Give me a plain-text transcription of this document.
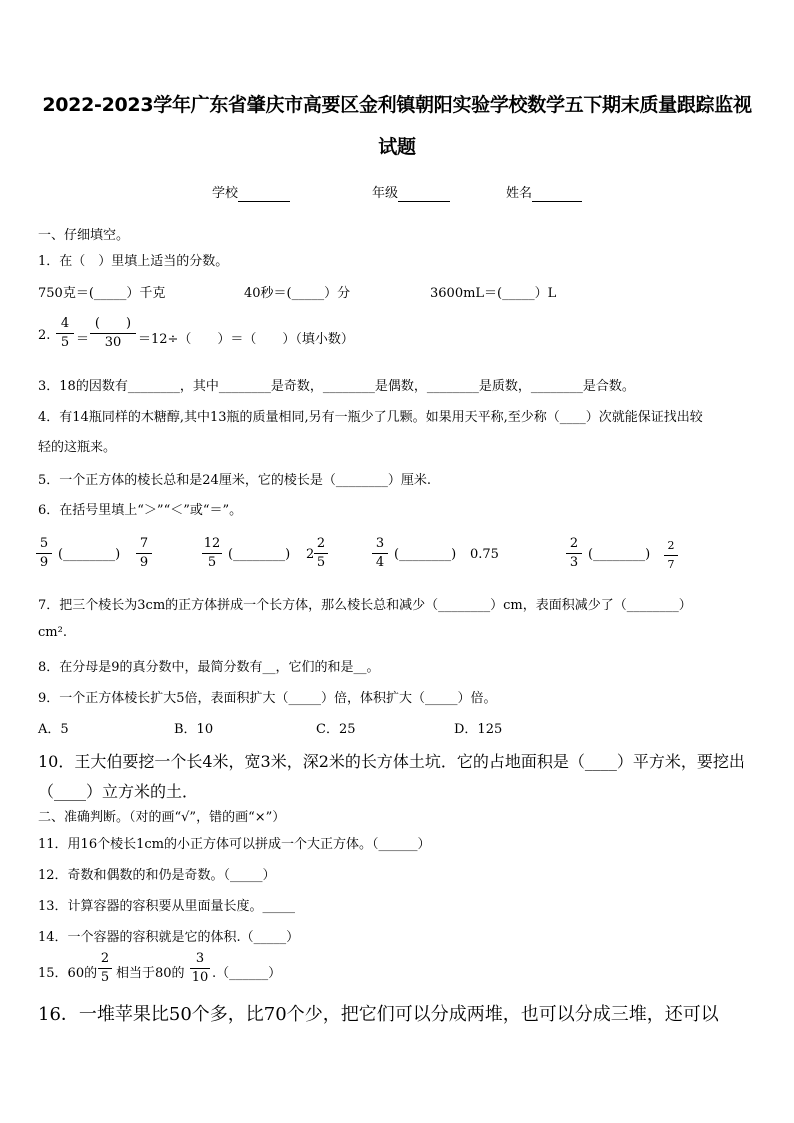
2022-2023学年广东省肇庆市高要区金利镇朝阳实验学校数学五下期末质量跟踪监视
试题
学校	年级	姓名
一、仔细填空。
1．在（　）里填上适当的分数。
750克＝(_____）千克	40秒＝(_____）分	3600mL＝(_____）L
2.
4
5 ＝
(　　)
30	＝12÷（　　）＝（　　）（填小数）
3．18的因数有________，其中________是奇数，________是偶数，________是质数，________是合数。
4．有14瓶同样的木糖醇,其中13瓶的质量相同,另有一瓶少了几颗。如果用天平称,至少称（____）次就能保证找出较
轻的这瓶来。
5．一个正方体的棱长总和是24厘米，它的棱长是（________）厘米.
6．在括号里填上“＞”“＜”或“＝”。
5
9
(________)
7
9
12
5
(________) 2
2
5
3
4
(________) 0.75
2
3
(________)
2
7
7．把三个棱长为3cm的正方体拼成一个长方体，那么棱长总和减少（________）cm，表面积减少了（________）
cm².
8．在分母是9的真分数中，最简分数有__，它们的和是__。
9．一个正方体棱长扩大5倍，表面积扩大（_____）倍，体积扩大（_____）倍。
A．5	B．10	C．25	D．125
10．王大伯要挖一个长4米，宽3米，深2米的长方体土坑．它的占地面积是（____）平方米，要挖出
（____）立方米的土．
二、准确判断。（对的画“√”，错的画“×”）
11．用16个棱长1cm的小正方体可以拼成一个大正方体。（______）
12．奇数和偶数的和仍是奇数。（_____）
13．计算容器的容积要从里面量长度。_____
14．一个容器的容积就是它的体积.（_____）
15．60的
2
5 相当于80的
3
10 .（______）
16．一堆苹果比50个多，比70个少，把它们可以分成两堆，也可以分成三堆，还可以
